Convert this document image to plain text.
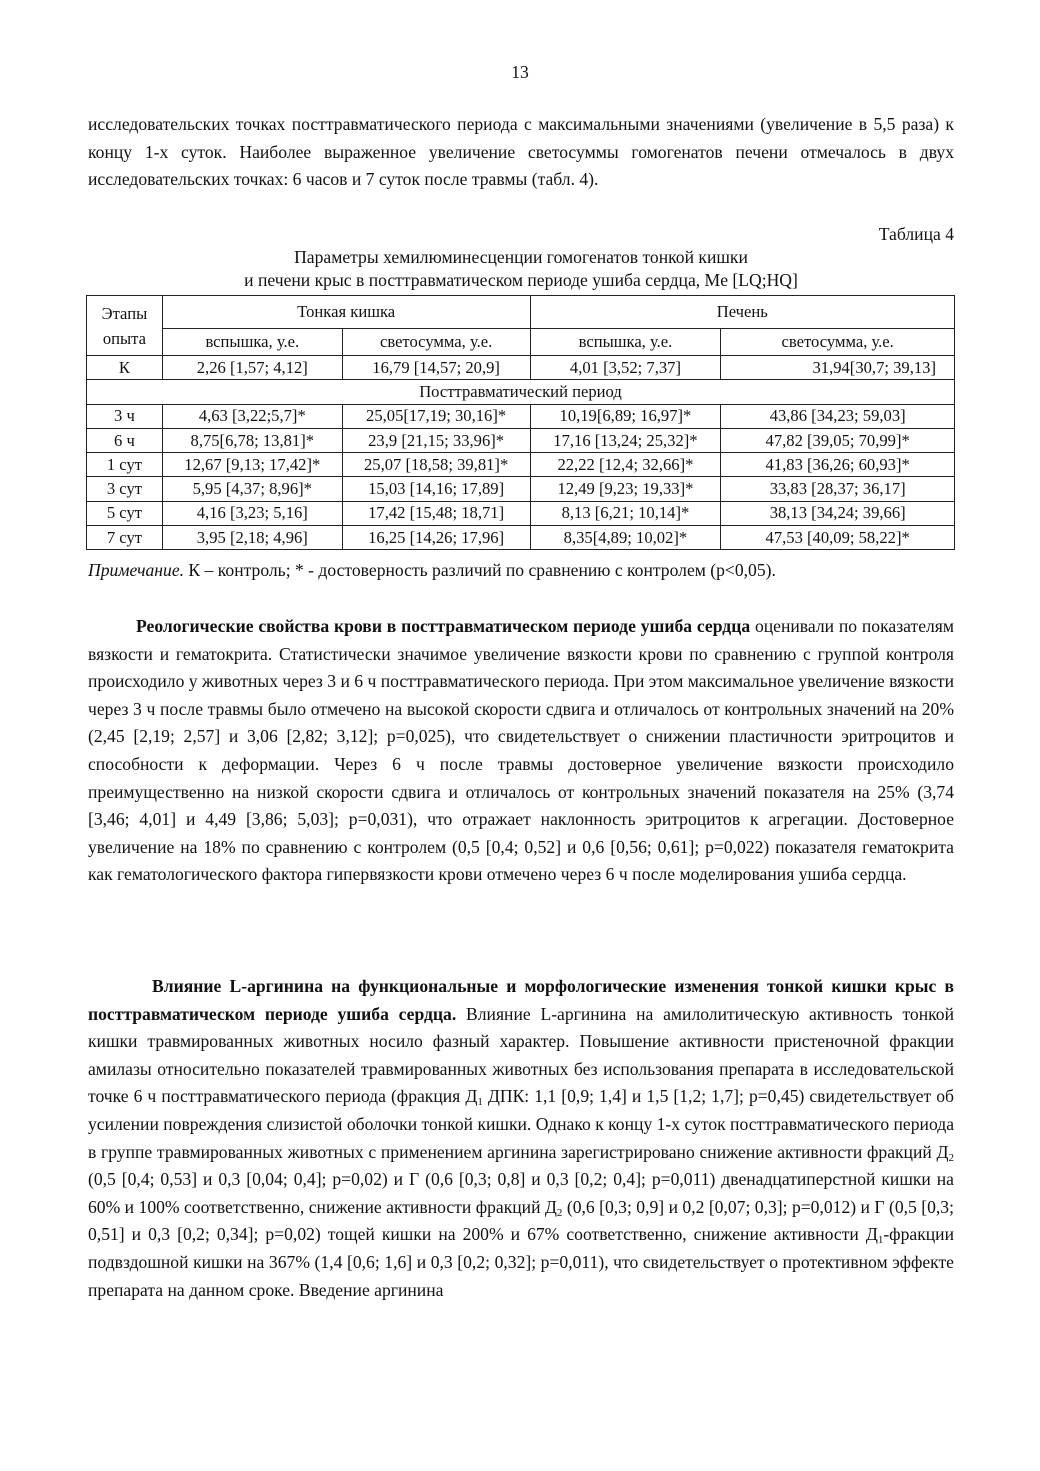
13

исследовательских точках посттравматического периода с максимальными значениями (увеличение в 5,5 раза) к концу 1-х суток. Наиболее выраженное увеличение светосуммы гомогенатов печени отмечалось в двух исследовательских точках: 6 часов и 7 суток после травмы (табл. 4).

Таблица 4
Параметры хемилюминесценции гомогенатов тонкой кишки
и печени крыс в посттравматическом периоде ушиба сердца, Me [LQ;HQ]
Этапы опыта	Тонкая кишка		Печень	
	вспышка, у.е.	светосумма, у.е.	вспышка, у.е.	светосумма, у.е.
К	2,26 [1,57; 4,12]	16,79 [14,57; 20,9]	4,01 [3,52; 7,37]	31,94[30,7; 39,13]
Посттравматический период				
3 ч	4,63 [3,22;5,7]*	25,05[17,19; 30,16]*	10,19[6,89; 16,97]*	43,86 [34,23; 59,03]
6 ч	8,75[6,78; 13,81]*	23,9 [21,15; 33,96]*	17,16 [13,24; 25,32]*	47,82 [39,05; 70,99]*
1 сут	12,67 [9,13; 17,42]*	25,07 [18,58; 39,81]*	22,22 [12,4; 32,66]*	41,83 [36,26; 60,93]*
3 сут	5,95 [4,37; 8,96]*	15,03 [14,16; 17,89]	12,49 [9,23; 19,33]*	33,83 [28,37; 36,17]
5 сут	4,16 [3,23; 5,16]	17,42 [15,48; 18,71]	8,13 [6,21; 10,14]*	38,13 [34,24; 39,66]
7 сут	3,95 [2,18; 4,96]	16,25 [14,26; 17,96]	8,35[4,89; 10,02]*	47,53 [40,09; 58,22]*
Примечание. К – контроль; * - достоверность различий по сравнению с контролем (p<0,05).

Реологические свойства крови в посттравматическом периоде ушиба сердца оценивали по показателям вязкости и гематокрита. Статистически значимое увеличение вязкости крови по сравнению с группой контроля происходило у животных через 3 и 6 ч посттравматического периода. При этом максимальное увеличение вязкости через 3 ч после травмы было отмечено на высокой скорости сдвига и отличалось от контрольных значений на 20% (2,45 [2,19; 2,57] и 3,06 [2,82; 3,12]; p=0,025), что свидетельствует о снижении пластичности эритроцитов и способности к деформации. Через 6 ч после травмы достоверное увеличение вязкости происходило преимущественно на низкой скорости сдвига и отличалось от контрольных значений показателя на 25% (3,74 [3,46; 4,01] и 4,49 [3,86; 5,03]; p=0,031), что отражает наклонность эритроцитов к агрегации. Достоверное увеличение на 18% по сравнению с контролем (0,5 [0,4; 0,52] и 0,6 [0,56; 0,61]; p=0,022) показателя гематокрита как гематологического фактора гипервязкости крови отмечено через 6 ч после моделирования ушиба сердца.

Влияние L-аргинина на функциональные и морфологические изменения тонкой кишки крыс в посттравматическом периоде ушиба сердца. Влияние L-аргинина на амилолитическую активность тонкой кишки травмированных животных носило фазный характер. Повышение активности пристеночной фракции амилазы относительно показателей травмированных животных без использования препарата в исследовательской точке 6 ч посттравматического периода (фракция $Д_1$ ДПК: 1,1 [0,9; 1,4] и 1,5 [1,2; 1,7]; p=0,45) свидетельствует об усилении повреждения слизистой оболочки тонкой кишки. Однако к концу 1-х суток посттравматического периода в группе травмированных животных с применением аргинина зарегистрировано снижение активности фракций $Д_2$ (0,5 [0,4; 0,53] и 0,3 [0,04; 0,4]; p=0,02) и Г (0,6 [0,3; 0,8] и 0,3 [0,2; 0,4]; p=0,011) двенадцатиперстной кишки на 60% и 100% соответственно, снижение активности фракций $Д_2$ (0,6 [0,3; 0,9] и 0,2 [0,07; 0,3]; p=0,012) и Г (0,5 [0,3; 0,51] и 0,3 [0,2; 0,34]; p=0,02) тощей кишки на 200% и 67% соответственно, снижение активности $Д_1$-фракции подвздошной кишки на 367% (1,4 [0,6; 1,6] и 0,3 [0,2; 0,32]; p=0,011), что свидетельствует о протективном эффекте препарата на данном сроке. Введение аргинина
